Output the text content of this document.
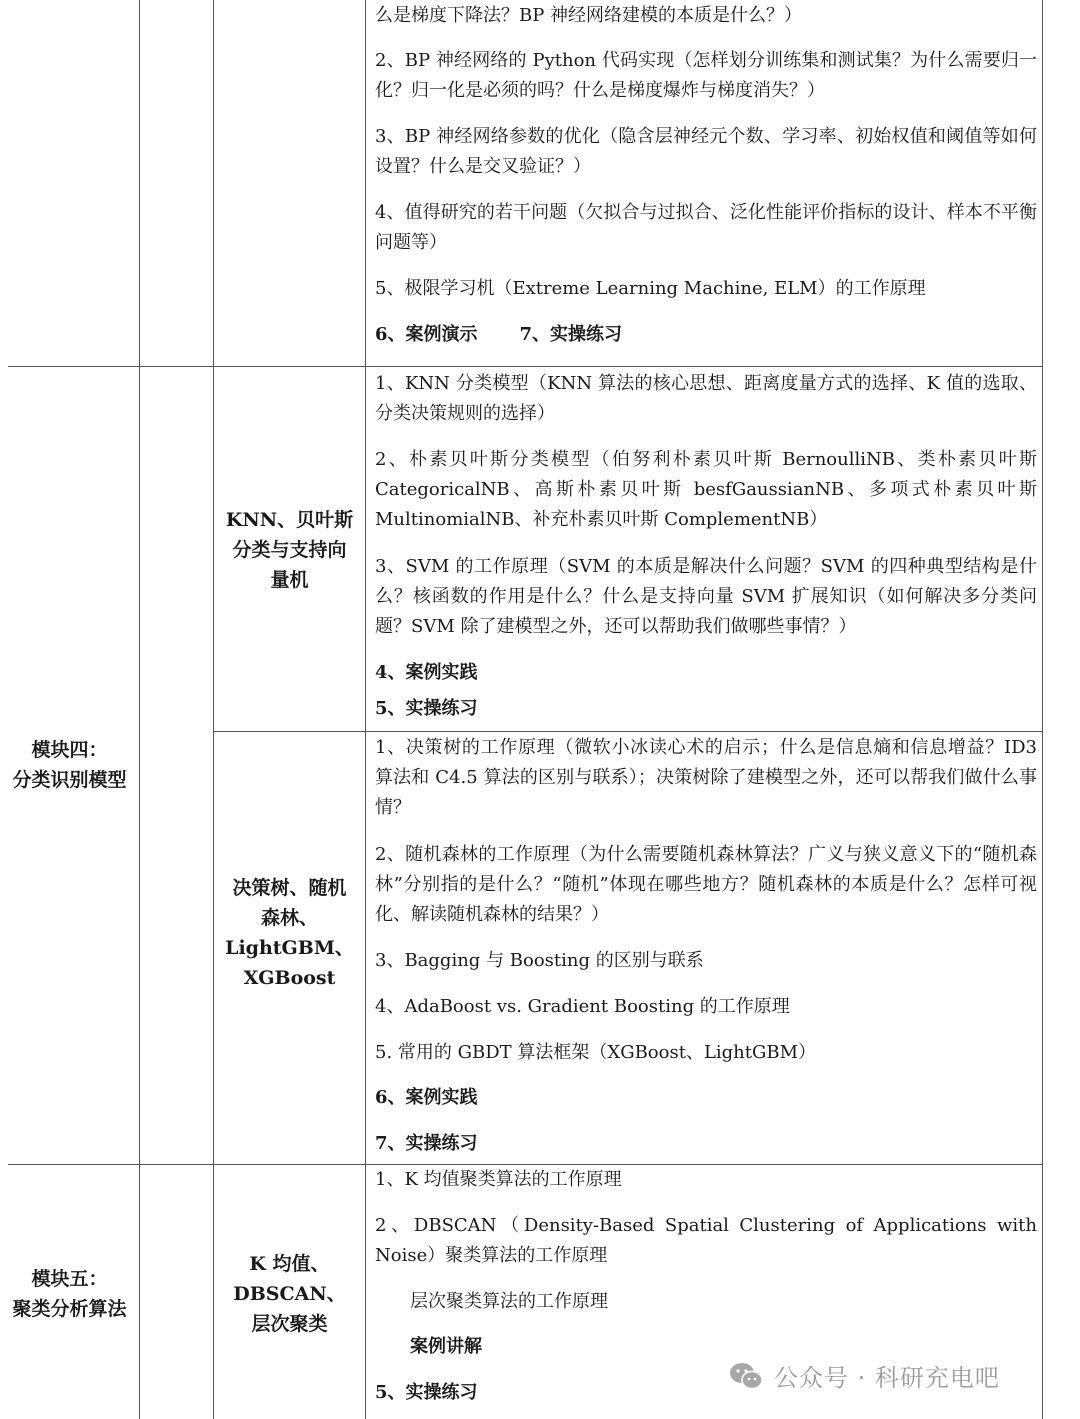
模块四：
分类识别模型
模块五：
聚类分析算法
KNN、贝叶斯
分类与支持向
量机
决策树、随机
森林、
LightGBM、
XGBoost
K 均值、
DBSCAN、
层次聚类
么是梯度下降法？BP 神经网络建模的本质是什么？）
2、BP 神经网络的 Python 代码实现（怎样划分训练集和测试集？为什么需要归一化？归一化是必须的吗？什么是梯度爆炸与梯度消失？）
3、BP 神经网络参数的优化（隐含层神经元个数、学习率、初始权值和阈值等如何设置？什么是交叉验证？）
4、值得研究的若干问题（欠拟合与过拟合、泛化性能评价指标的设计、样本不平衡问题等）
5、极限学习机（Extreme Learning Machine, ELM）的工作原理
6、案例演示 7、实操练习
1、KNN 分类模型（KNN 算法的核心思想、距离度量方式的选择、K 值的选取、分类决策规则的选择）
2、朴素贝叶斯分类模型（伯努利朴素贝叶斯 BernoulliNB、类朴素贝叶斯 CategoricalNB、高斯朴素贝叶斯 besfGaussianNB、多项式朴素贝叶斯 MultinomialNB、补充朴素贝叶斯 ComplementNB）
3、SVM 的工作原理（SVM 的本质是解决什么问题？SVM 的四种典型结构是什么？核函数的作用是什么？什么是支持向量 SVM 扩展知识（如何解决多分类问题？SVM 除了建模型之外，还可以帮助我们做哪些事情？）
4、案例实践
5、实操练习
1、决策树的工作原理（微软小冰读心术的启示；什么是信息熵和信息增益？ID3 算法和 C4.5 算法的区别与联系）；决策树除了建模型之外，还可以帮我们做什么事情？
2、随机森林的工作原理（为什么需要随机森林算法？广义与狭义意义下的“随机森林”分别指的是什么？“随机”体现在哪些地方？随机森林的本质是什么？怎样可视化、解读随机森林的结果？）
3、Bagging 与 Boosting 的区别与联系
4、AdaBoost vs. Gradient Boosting 的工作原理
5. 常用的 GBDT 算法框架（XGBoost、LightGBM）
6、案例实践
7、实操练习
1、K 均值聚类算法的工作原理
2、DBSCAN（Density-Based Spatial Clustering of Applications with Noise）聚类算法的工作原理
层次聚类算法的工作原理
案例讲解
5、实操练习
公众号 · 科研充电吧
